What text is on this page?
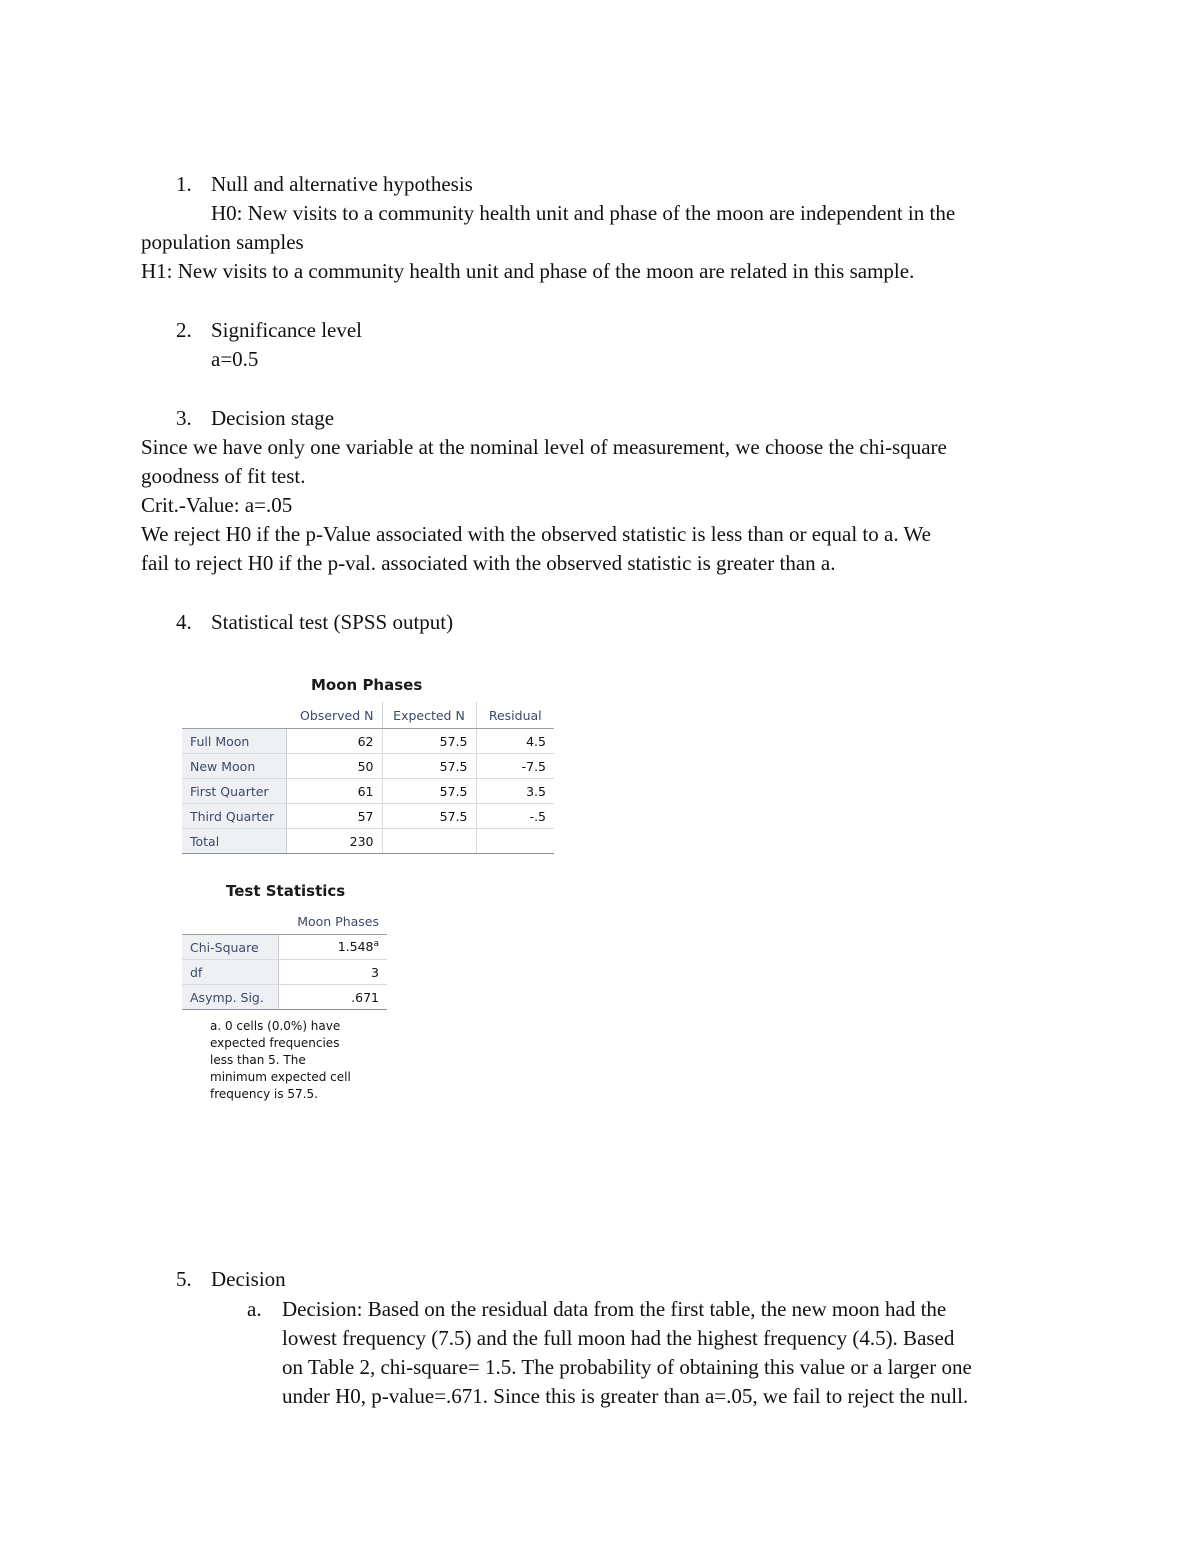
1. Null and alternative hypothesis
H0: New visits to a community health unit and phase of the moon are independent in the
population samples
H1: New visits to a community health unit and phase of the moon are related in this sample.
2. Significance level
a=0.5
3. Decision stage
Since we have only one variable at the nominal level of measurement, we choose the chi-square
goodness of fit test.
Crit.-Value: a=.05
We reject H0 if the p-Value associated with the observed statistic is less than or equal to a. We
fail to reject H0 if the p-val. associated with the observed statistic is greater than a.
4. Statistical test (SPSS output)
Moon Phases
	Observed N	Expected N	Residual
Full Moon	62	57.5	4.5
New Moon	50	57.5	-7.5
First Quarter	61	57.5	3.5
Third Quarter	57	57.5	-.5
Total	230		
Test Statistics
	Moon Phases
Chi-Square	1.548$^a$
df	3
Asymp. Sig.	.671
a. 0 cells (0.0%) have expected frequencies less than 5. The minimum expected cell frequency is 57.5.
5. Decision
a. Decision: Based on the residual data from the first table, the new moon had the
lowest frequency (7.5) and the full moon had the highest frequency (4.5). Based
on Table 2, chi-square= 1.5. The probability of obtaining this value or a larger one
under H0, p-value=.671. Since this is greater than a=.05, we fail to reject the null.
